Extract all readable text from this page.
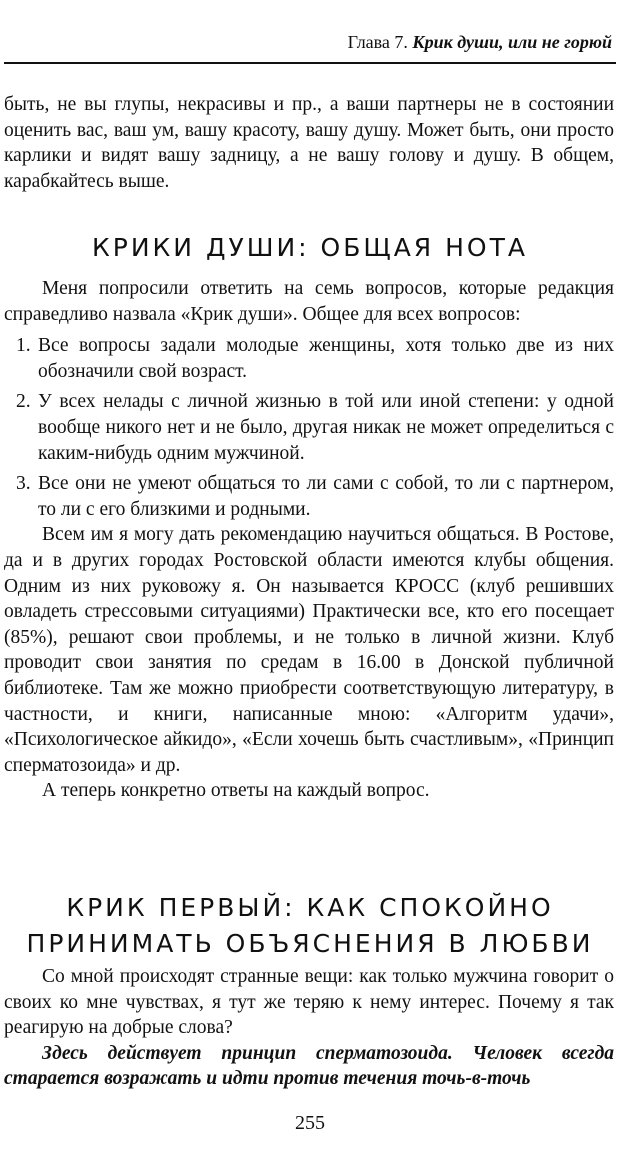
Глава 7. Крик души, или не горюй

быть, не вы глупы, некрасивы и пр., а ваши партнеры не в состоянии оценить вас, ваш ум, вашу красоту, вашу душу. Может быть, они просто карлики и видят вашу задницу, а не вашу голову и душу. В общем, карабкайтесь выше.

КРИКИ ДУШИ: ОБЩАЯ НОТА

Меня попросили ответить на семь вопросов, которые редакция справедливо назвала «Крик души». Общее для всех вопросов:

1. Все вопросы задали молодые женщины, хотя только две из них обозначили свой возраст.
2. У всех нелады с личной жизнью в той или иной степени: у одной вообще никого нет и не было, другая никак не может определиться с каким-нибудь одним мужчиной.
3. Все они не умеют общаться то ли сами с собой, то ли с партнером, то ли с его близкими и родными.

Всем им я могу дать рекомендацию научиться общаться. В Ростове, да и в других городах Ростовской области имеются клубы общения. Одним из них руковожу я. Он называется КРОСС (клуб решивших овладеть стрессовыми ситуациями) Практически все, кто его посещает (85%), решают свои проблемы, и не только в личной жизни. Клуб проводит свои занятия по средам в 16.00 в Донской публичной библиотеке. Там же можно приобрести соответствующую литературу, в частности, и книги, написанные мною: «Алгоритм удачи», «Психологическое айкидо», «Если хочешь быть счастливым», «Принцип сперматозоида» и др.

А теперь конкретно ответы на каждый вопрос.

КРИК ПЕРВЫЙ: КАК СПОКОЙНО
ПРИНИМАТЬ ОБЪЯСНЕНИЯ В ЛЮБВИ

Со мной происходят странные вещи: как только мужчина говорит о своих ко мне чувствах, я тут же теряю к нему интерес. Почему я так реагирую на добрые слова?

Здесь действует принцип сперматозоида. Человек всегда старается возражать и идти против течения точь-в-точь

255
